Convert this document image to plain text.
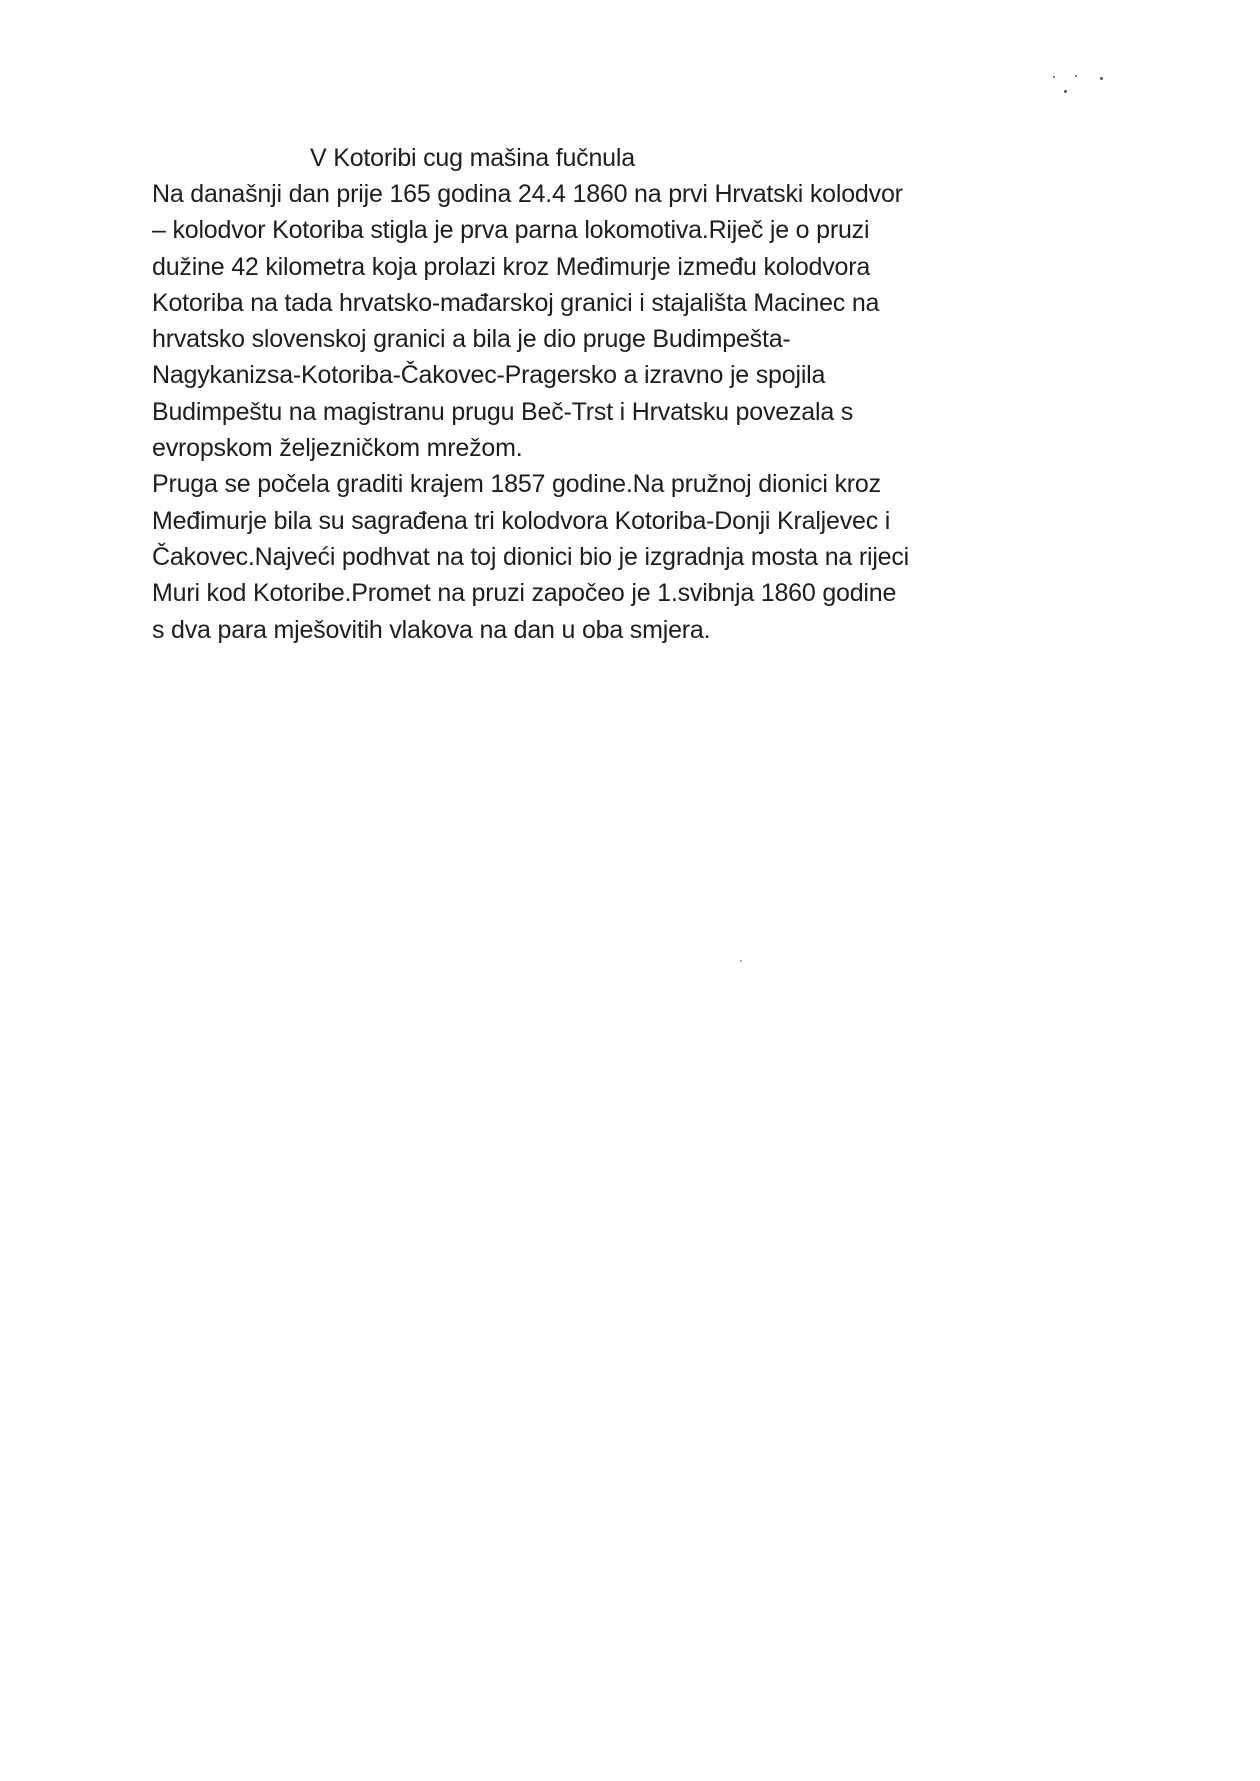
V Kotoribi cug mašina fučnula
Na današnji dan prije 165 godina 24.4 1860 na prvi Hrvatski kolodvor
– kolodvor Kotoriba stigla je prva parna lokomotiva.Riječ je o pruzi
dužine 42 kilometra koja prolazi kroz Međimurje između kolodvora
Kotoriba na tada hrvatsko-mađarskoj granici i stajališta Macinec na
hrvatsko slovenskoj granici a bila je dio pruge Budimpešta-
Nagykanizsa-Kotoriba-Čakovec-Pragersko a izravno je spojila
Budimpeštu na magistranu prugu Beč-Trst i Hrvatsku povezala s
evropskom željezničkom mrežom.
Pruga se počela graditi krajem 1857 godine.Na pružnoj dionici kroz
Međimurje bila su sagrađena tri kolodvora Kotoriba-Donji Kraljevec i
Čakovec.Najveći podhvat na toj dionici bio je izgradnja mosta na rijeci
Muri kod Kotoribe.Promet na pruzi započeo je 1.svibnja 1860 godine
s dva para mješovitih vlakova na dan u oba smjera.
